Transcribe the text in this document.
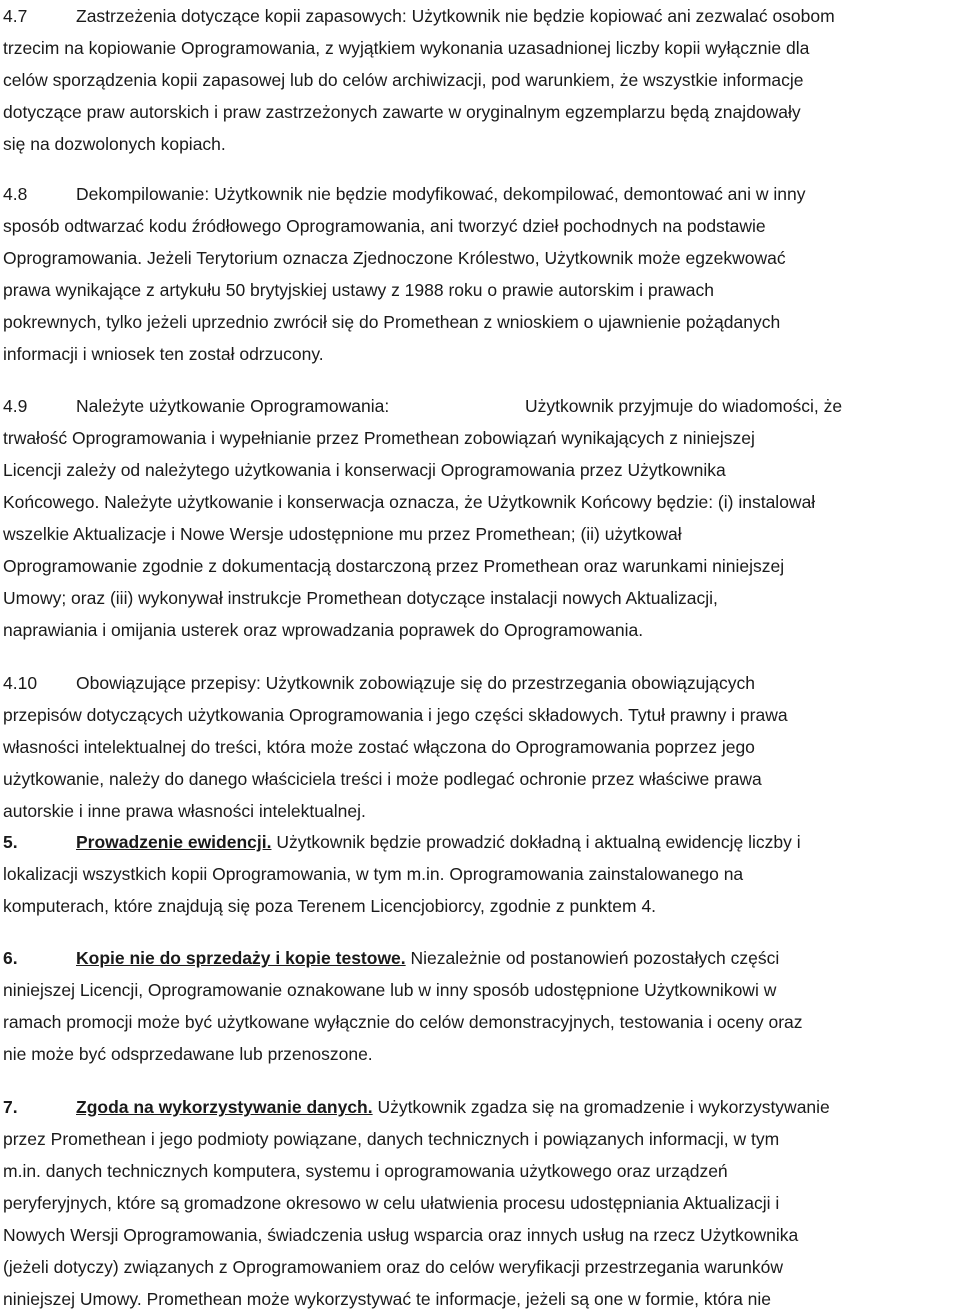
4.7	Zastrzeżenia dotyczące kopii zapasowych: Użytkownik nie będzie kopiować ani zezwalać osobom
trzecim na kopiowanie Oprogramowania, z wyjątkiem wykonania uzasadnionej liczby kopii wyłącznie dla
celów sporządzenia kopii zapasowej lub do celów archiwizacji, pod warunkiem, że wszystkie informacje
dotyczące praw autorskich i praw zastrzeżonych zawarte w oryginalnym egzemplarzu będą znajdowały
się na dozwolonych kopiach.
4.8	Dekompilowanie: Użytkownik nie będzie modyfikować, dekompilować, demontować ani w inny
sposób odtwarzać kodu źródłowego Oprogramowania, ani tworzyć dzieł pochodnych na podstawie
Oprogramowania. Jeżeli Terytorium oznacza Zjednoczone Królestwo, Użytkownik może egzekwować
prawa wynikające z artykułu 50 brytyjskiej ustawy z 1988 roku o prawie autorskim i prawach
pokrewnych, tylko jeżeli uprzednio zwrócił się do Promethean z wnioskiem o ujawnienie pożądanych
informacji i wniosek ten został odrzucony.
4.9	Należyte użytkowanie Oprogramowania:	Użytkownik przyjmuje do wiadomości, że
trwałość Oprogramowania i wypełnianie przez Promethean zobowiązań wynikających z niniejszej
Licencji zależy od należytego użytkowania i konserwacji Oprogramowania przez Użytkownika
Końcowego. Należyte użytkowanie i konserwacja oznacza, że Użytkownik Końcowy będzie: (i) instalował
wszelkie Aktualizacje i Nowe Wersje udostępnione mu przez Promethean; (ii) użytkował
Oprogramowanie zgodnie z dokumentacją dostarczoną przez Promethean oraz warunkami niniejszej
Umowy; oraz (iii) wykonywał instrukcje Promethean dotyczące instalacji nowych Aktualizacji,
naprawiania i omijania usterek oraz wprowadzania poprawek do Oprogramowania.
4.10 Obowiązujące przepisy: Użytkownik zobowiązuje się do przestrzegania obowiązujących
przepisów dotyczących użytkowania Oprogramowania i jego części składowych. Tytuł prawny i prawa
własności intelektualnej do treści, która może zostać włączona do Oprogramowania poprzez jego
użytkowanie, należy do danego właściciela treści i może podlegać ochronie przez właściwe prawa
autorskie i inne prawa własności intelektualnej.
5.	Prowadzenie ewidencji. Użytkownik będzie prowadzić dokładną i aktualną ewidencję liczby i
lokalizacji wszystkich kopii Oprogramowania, w tym m.in. Oprogramowania zainstalowanego na
komputerach, które znajdują się poza Terenem Licencjobiorcy, zgodnie z punktem 4.
6.	Kopie nie do sprzedaży i kopie testowe. Niezależnie od postanowień pozostałych części
niniejszej Licencji, Oprogramowanie oznakowane lub w inny sposób udostępnione Użytkownikowi w
ramach promocji może być użytkowane wyłącznie do celów demonstracyjnych, testowania i oceny oraz
nie może być odsprzedawane lub przenoszone.
7.	Zgoda na wykorzystywanie danych. Użytkownik zgadza się na gromadzenie i wykorzystywanie
przez Promethean i jego podmioty powiązane, danych technicznych i powiązanych informacji, w tym
m.in. danych technicznych komputera, systemu i oprogramowania użytkowego oraz urządzeń
peryferyjnych, które są gromadzone okresowo w celu ułatwienia procesu udostępniania Aktualizacji i
Nowych Wersji Oprogramowania, świadczenia usług wsparcia oraz innych usług na rzecz Użytkownika
(jeżeli dotyczy) związanych z Oprogramowaniem oraz do celów weryfikacji przestrzegania warunków
niniejszej Umowy. Promethean może wykorzystywać te informacje, jeżeli są one w formie, która nie
